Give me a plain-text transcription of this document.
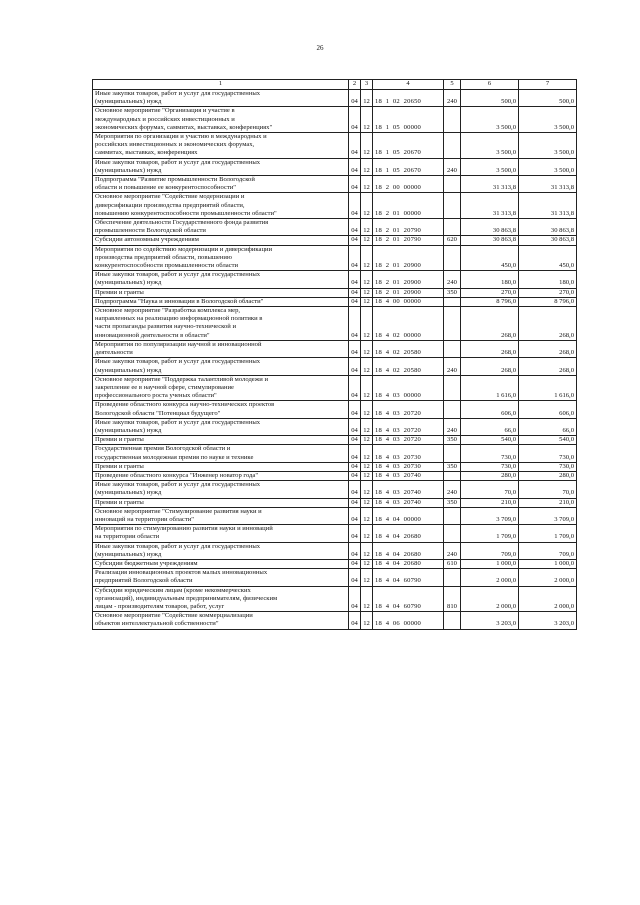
26
1	2	3	4	5	6	7
Иные закупки товаров, работ и услуг для государственных
(муниципальных) нужд	04	12	18  1  02  20650	240	500,0	500,0
Основное мероприятие "Организация и участие в
международных и российских инвестиционных и
экономических форумах, саммитах, выставках, конференциях"	04	12	18  1  05  00000		3 500,0	3 500,0
Мероприятия по организации и участию в международных и
российских инвестиционных и экономических форумах,
саммитах, выставках, конференциях	04	12	18  1  05  20670		3 500,0	3 500,0
Иные закупки товаров, работ и услуг для государственных
(муниципальных) нужд	04	12	18  1  05  20670	240	3 500,0	3 500,0
Подпрограмма "Развитие промышленности Вологодской
области и повышение ее конкурентоспособности"	04	12	18  2  00  00000		31 313,8	31 313,8
Основное мероприятие "Содействие модернизации и
диверсификации производства предприятий области,
повышению конкурентоспособности промышленности области"	04	12	18  2  01  00000		31 313,8	31 313,8
Обеспечение деятельности Государственного фонда развития
промышленности Вологодской области	04	12	18  2  01  20790		30 863,8	30 863,8
Субсидии автономным учреждениям	04	12	18  2  01  20790	620	30 863,8	30 863,8
Мероприятия по содействию модернизации и диверсификации
производства предприятий области, повышению
конкурентоспособности промышленности области	04	12	18  2  01  20900		450,0	450,0
Иные закупки товаров, работ и услуг для государственных
(муниципальных) нужд	04	12	18  2  01  20900	240	180,0	180,0
Премии и гранты	04	12	18  2  01  20900	350	270,0	270,0
Подпрограмма "Наука и инновации в Вологодской области"	04	12	18  4  00  00000		8 796,0	8 796,0
Основное мероприятие "Разработка комплекса мер,
направленных на реализацию информационной политики в
части пропаганды развития научно-технической и
инновационной деятельности в области"	04	12	18  4  02  00000		268,0	268,0
Мероприятия по популяризации научной и инновационной
деятельности	04	12	18  4  02  20580		268,0	268,0
Иные закупки товаров, работ и услуг для государственных
(муниципальных) нужд	04	12	18  4  02  20580	240	268,0	268,0
Основное мероприятие "Поддержка талантливой молодежи и
закрепление ее в научной сфере, стимулирование
профессионального роста ученых области"	04	12	18  4  03  00000		1 616,0	1 616,0
Проведение областного конкурса научно-технических проектов
Вологодской области "Потенциал будущего"	04	12	18  4  03  20720		606,0	606,0
Иные закупки товаров, работ и услуг для государственных
(муниципальных) нужд	04	12	18  4  03  20720	240	66,0	66,0
Премии и гранты	04	12	18  4  03  20720	350	540,0	540,0
Государственная премия Вологодской области и
государственная молодежная премия по науке и технике	04	12	18  4  03  20730		730,0	730,0
Премии и гранты	04	12	18  4  03  20730	350	730,0	730,0
Проведение областного конкурса "Инженер новатор года"	04	12	18  4  03  20740		280,0	280,0
Иные закупки товаров, работ и услуг для государственных
(муниципальных) нужд	04	12	18  4  03  20740	240	70,0	70,0
Премии и гранты	04	12	18  4  03  20740	350	210,0	210,0
Основное мероприятие "Стимулирование развития науки и
инноваций на территории области"	04	12	18  4  04  00000		3 709,0	3 709,0
Мероприятия по стимулированию развития науки и инноваций
на территории области	04	12	18  4  04  20680		1 709,0	1 709,0
Иные закупки товаров, работ и услуг для государственных
(муниципальных) нужд	04	12	18  4  04  20680	240	709,0	709,0
Субсидии бюджетным учреждениям	04	12	18  4  04  20680	610	1 000,0	1 000,0
Реализация инновационных проектов малых инновационных
предприятий Вологодской области	04	12	18  4  04  60790		2 000,0	2 000,0
Субсидии юридическим лицам (кроме некоммерческих
организаций), индивидуальным предпринимателям, физическим
лицам - производителям товаров, работ, услуг	04	12	18  4  04  60790	810	2 000,0	2 000,0
Основное мероприятие "Содействие коммерциализации
объектов интеллектуальной собственности"	04	12	18  4  06  00000		3 203,0	3 203,0
